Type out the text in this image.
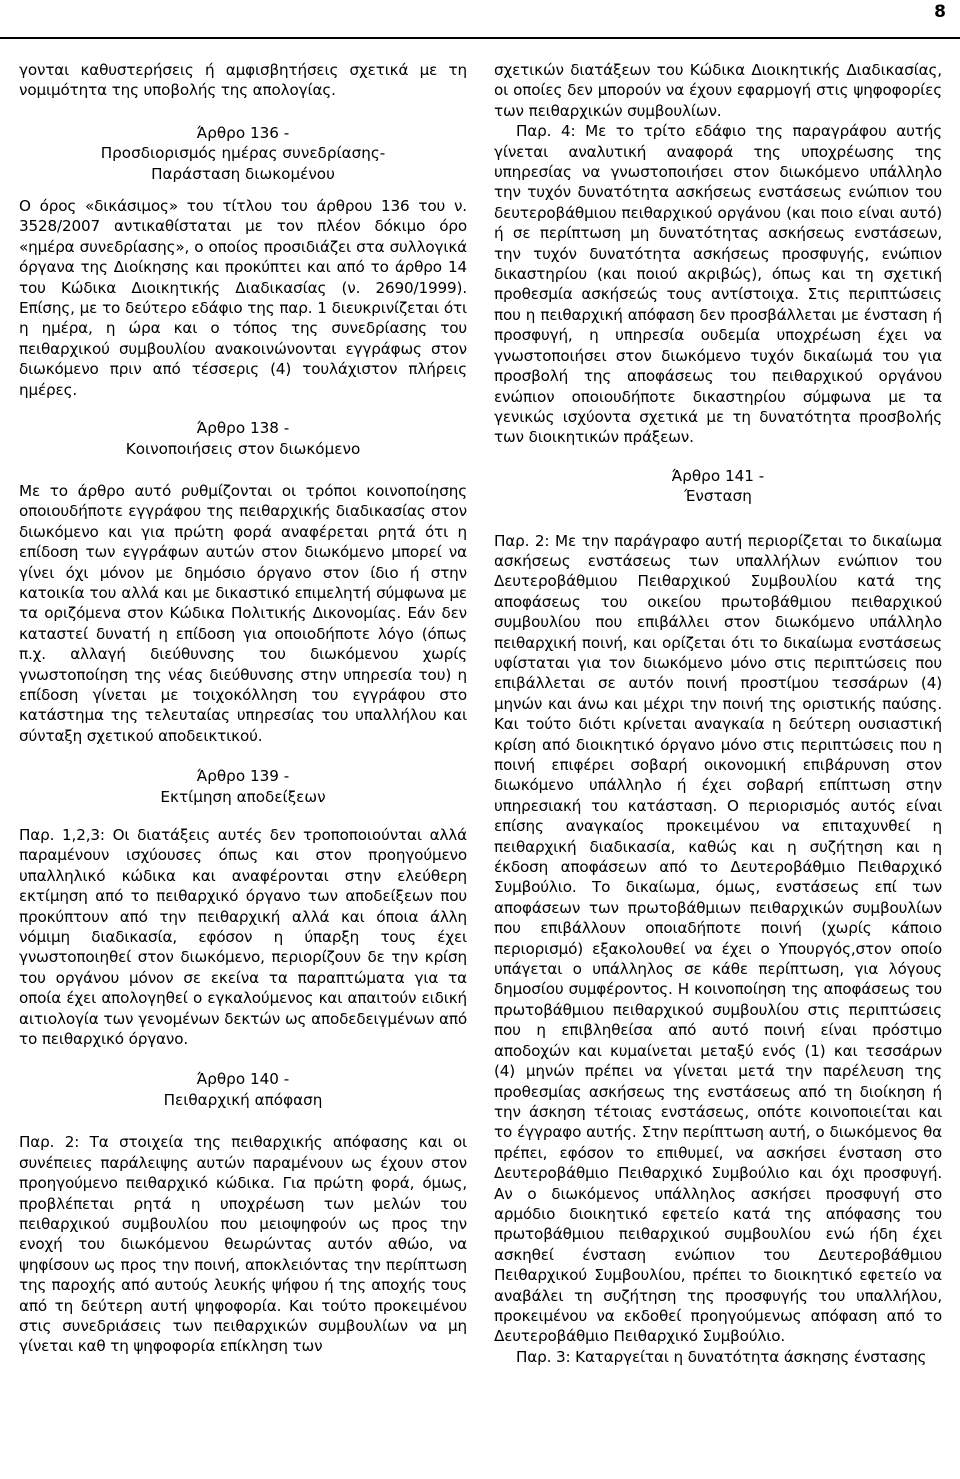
8

γονται καθυστερήσεις ή αμφισβητήσεις σχετικά με τη νομιμότητα της υποβολής της απολογίας.

Άρθρο 136 -

Προσδιορισμός ημέρας συνεδρίασης-

Παράσταση διωκομένου

Ο όρος «δικάσιμος» του τίτλου του άρθρου 136 του ν. 3528/2007 αντικαθίσταται με τον πλέον δόκιμο όρο «ημέρα συνεδρίασης», ο οποίος προσιδιάζει στα συλλογικά όργανα της Διοίκησης και προκύπτει και από το άρθρο 14 του Κώδικα Διοικητικής Διαδικασίας (ν. 2690/1999). Επίσης, με το δεύτερο εδάφιο της παρ. 1 διευκρινίζεται ότι η ημέρα, η ώρα και ο τόπος της συνεδρίασης του πειθαρχικού συμβουλίου ανακοινώνονται εγγράφως στον διωκόμενο πριν από τέσσερις (4) τουλάχιστον πλήρεις ημέρες.

Άρθρο 138 -

Κοινοποιήσεις στον διωκόμενο

Με το άρθρο αυτό ρυθμίζονται οι τρόποι κοινοποίησης οποιουδήποτε εγγράφου της πειθαρχικής διαδικασίας στον διωκόμενο και για πρώτη φορά αναφέρεται ρητά ότι η επίδοση των εγγράφων αυτών στον διωκόμενο μπορεί να γίνει όχι μόνον με δημόσιο όργανο στον ίδιο ή στην κατοικία του αλλά και με δικαστικό επιμελητή σύμφωνα με τα οριζόμενα στον Κώδικα Πολιτικής Δικονομίας. Εάν δεν καταστεί δυνατή η επίδοση για οποιοδήποτε λόγο (όπως π.χ. αλλαγή διεύθυνσης του διωκόμενου χωρίς γνωστοποίηση της νέας διεύθυνσης στην υπηρεσία του) η επίδοση γίνεται με τοιχοκόλληση του εγγράφου στο κατάστημα της τελευταίας υπηρεσίας του υπαλλήλου και σύνταξη σχετικού αποδεικτικού.

Άρθρο 139 -

Εκτίμηση αποδείξεων

Παρ. 1,2,3: Οι διατάξεις αυτές δεν τροποποιούνται αλλά παραμένουν ισχύουσες όπως και στον προηγούμενο υπαλληλικό κώδικα και αναφέρονται στην ελεύθερη εκτίμηση από το πειθαρχικό όργανο των αποδείξεων που προκύπτουν από την πειθαρχική αλλά και όποια άλλη νόμιμη διαδικασία, εφόσον η ύπαρξη τους έχει γνωστοποιηθεί στον διωκόμενο, περιορίζουν δε την κρίση του οργάνου μόνον σε εκείνα τα παραπτώματα για τα οποία έχει απολογηθεί ο εγκαλούμενος και απαιτούν ειδική αιτιολογία των γενομένων δεκτών ως αποδεδειγμένων από το πειθαρχικό όργανο.

Άρθρο 140 -

Πειθαρχική απόφαση

Παρ. 2: Τα στοιχεία της πειθαρχικής απόφασης και οι συνέπειες παράλειψης αυτών παραμένουν ως έχουν στον προηγούμενο πειθαρχικό κώδικα. Για πρώτη φορά, όμως, προβλέπεται ρητά η υποχρέωση των μελών του πειθαρχικού συμβουλίου που μειοψηφούν ως προς την ενοχή του διωκόμενου θεωρώντας αυτόν αθώο, να ψηφίσουν ως προς την ποινή, αποκλειόντας την περίπτωση της παροχής από αυτούς λευκής ψήφου ή της αποχής τους από τη δεύτερη αυτή ψηφοφορία. Και τούτο προκειμένου στις συνεδριάσεις των πειθαρχικών συμβουλίων να μη γίνεται καθ τη ψηφοφορία επίκληση των

σχετικών διατάξεων του Κώδικα Διοικητικής Διαδικασίας, οι οποίες δεν μπορούν να έχουν εφαρμογή στις ψηφοφορίες των πειθαρχικών συμβουλίων.

Παρ. 4: Με το τρίτο εδάφιο της παραγράφου αυτής γίνεται αναλυτική αναφορά της υποχρέωσης της υπηρεσίας να γνωστοποιήσει στον διωκόμενο υπάλληλο την τυχόν δυνατότητα ασκήσεως ενστάσεως ενώπιον του δευτεροβάθμιου πειθαρχικού οργάνου (και ποιο είναι αυτό) ή σε περίπτωση μη δυνατότητας ασκήσεως ενστάσεων, την τυχόν δυνατότητα ασκήσεως προσφυγής, ενώπιον δικαστηρίου (και ποιού ακριβώς), όπως και τη σχετική προθεσμία ασκήσεώς τους αντίστοιχα. Στις περιπτώσεις που η πειθαρχική απόφαση δεν προσβάλλεται με ένσταση ή προσφυγή, η υπηρεσία ουδεμία υποχρέωση έχει να γνωστοποιήσει στον διωκόμενο τυχόν δικαίωμά του για προσβολή της αποφάσεως του πειθαρχικού οργάνου ενώπιον οποιουδήποτε δικαστηρίου σύμφωνα με τα γενικώς ισχύοντα σχετικά με τη δυνατότητα προσβολής των διοικητικών πράξεων.

Άρθρο 141 -

Ένσταση

Παρ. 2: Με την παράγραφο αυτή περιορίζεται το δικαίωμα ασκήσεως ενστάσεως των υπαλλήλων ενώπιον του Δευτεροβάθμιου Πειθαρχικού Συμβουλίου κατά της αποφάσεως του οικείου πρωτοβάθμιου πειθαρχικού συμβουλίου που επιβάλλει στον διωκόμενο υπάλληλο πειθαρχική ποινή, και ορίζεται ότι το δικαίωμα ενστάσεως υφίσταται για τον διωκόμενο μόνο στις περιπτώσεις που επιβάλλεται σε αυτόν ποινή προστίμου τεσσάρων (4) μηνών και άνω και μέχρι την ποινή της οριστικής παύσης. Και τούτο διότι κρίνεται αναγκαία η δεύτερη ουσιαστική κρίση από διοικητικό όργανο μόνο στις περιπτώσεις που η ποινή επιφέρει σοβαρή οικονομική επιβάρυνση στον διωκόμενο υπάλληλο ή έχει σοβαρή επίπτωση στην υπηρεσιακή του κατάσταση. Ο περιορισμός αυτός είναι επίσης αναγκαίος προκειμένου να επιταχυνθεί η πειθαρχική διαδικασία, καθώς και η συζήτηση και η έκδοση αποφάσεων από το Δευτεροβάθμιο Πειθαρχικό Συμβούλιο. Το δικαίωμα, όμως, ενστάσεως επί των αποφάσεων των πρωτοβάθμιων πειθαρχικών συμβουλίων που επιβάλλουν οποιαδήποτε ποινή (χωρίς κάποιο περιορισμό) εξακολουθεί να έχει ο Υπουργός,στον οποίο υπάγεται ο υπάλληλος σε κάθε περίπτωση, για λόγους δημοσίου συμφέροντος. Η κοινοποίηση της αποφάσεως του πρωτοβάθμιου πειθαρχικού συμβουλίου στις περιπτώσεις που η επιβληθείσα από αυτό ποινή είναι πρόστιμο αποδοχών και κυμαίνεται μεταξύ ενός (1) και τεσσάρων (4) μηνών πρέπει να γίνεται μετά την παρέλευση της προθεσμίας ασκήσεως της ενστάσεως από τη διοίκηση ή την άσκηση τέτοιας ενστάσεως, οπότε κοινοποιείται και το έγγραφο αυτής. Στην περίπτωση αυτή, ο διωκόμενος θα πρέπει, εφόσον το επιθυμεί, να ασκήσει ένσταση στο Δευτεροβάθμιο Πειθαρχικό Συμβούλιο και όχι προσφυγή. Αν ο διωκόμενος υπάλληλος ασκήσει προσφυγή στο αρμόδιο διοικητικό εφετείο κατά της απόφασης του πρωτοβάθμιου πειθαρχικού συμβουλίου ενώ ήδη έχει ασκηθεί ένσταση ενώπιον του Δευτεροβάθμιου Πειθαρχικού Συμβουλίου, πρέπει το διοικητικό εφετείο να αναβάλει τη συζήτηση της προσφυγής του υπαλλήλου, προκειμένου να εκδοθεί προηγούμενως απόφαση από το Δευτεροβάθμιο Πειθαρχικό Συμβούλιο.

Παρ. 3: Καταργείται η δυνατότητα άσκησης ένστασης
